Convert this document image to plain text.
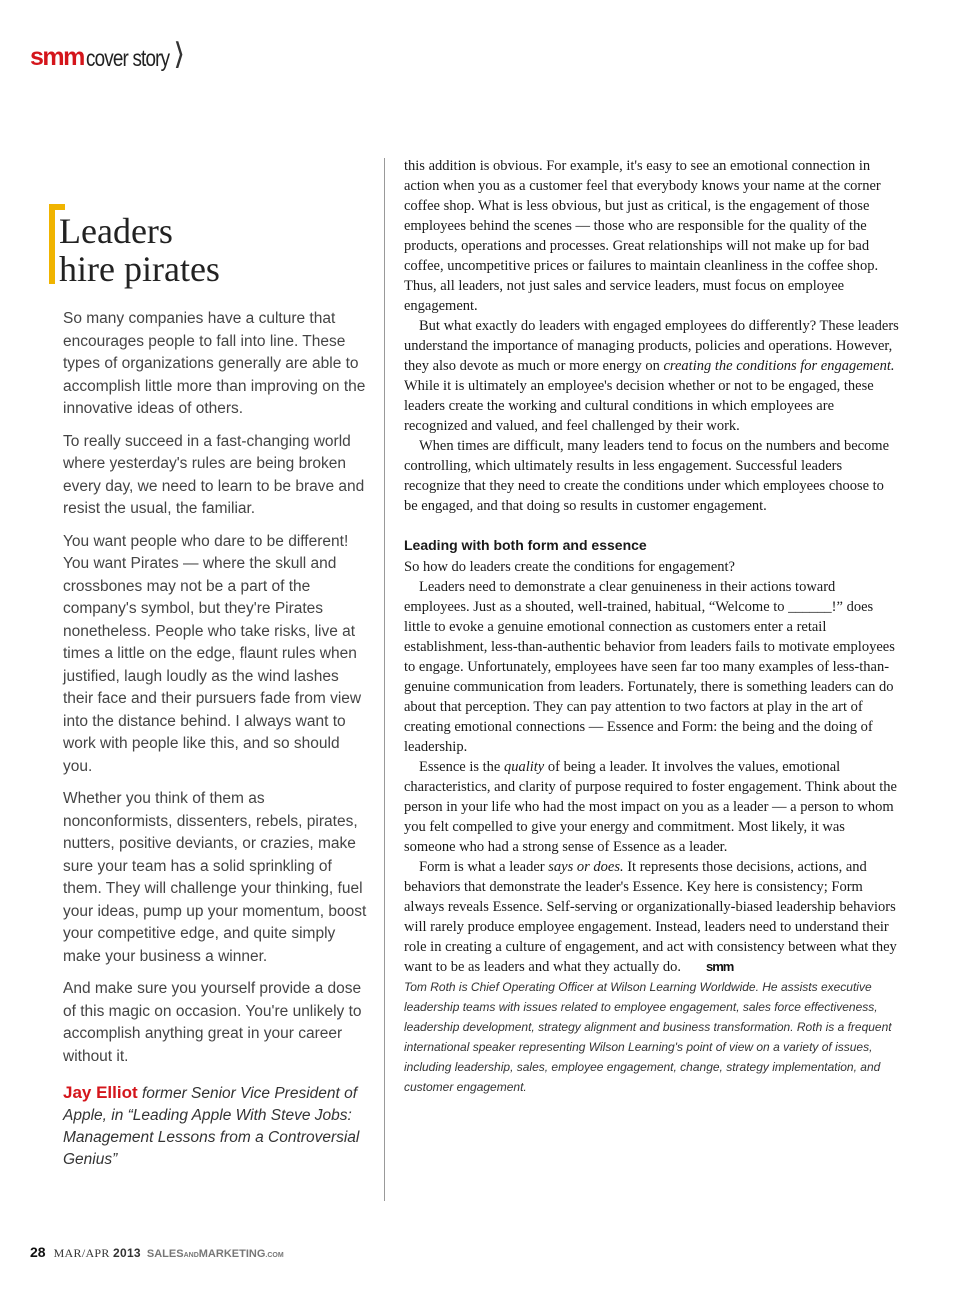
smm cover story ⟩
Leaders
hire pirates

So many companies have a culture that encourages people to fall into line. These types of organizations generally are able to accomplish little more than improving on the innovative ideas of others.

To really succeed in a fast-changing world where yesterday's rules are being broken every day, we need to learn to be brave and resist the usual, the familiar.

You want people who dare to be different! You want Pirates — where the skull and crossbones may not be a part of the company's symbol, but they're Pirates nonetheless. People who take risks, live at times a little on the edge, flaunt rules when justified, laugh loudly as the wind lashes their face and their pursuers fade from view into the distance behind. I always want to work with people like this, and so should you.

Whether you think of them as nonconformists, dissenters, rebels, pirates, nutters, positive deviants, or crazies, make sure your team has a solid sprinkling of them. They will challenge your thinking, fuel your ideas, pump up your momentum, boost your competitive edge, and quite simply make your business a winner.

And make sure you yourself provide a dose of this magic on occasion. You're unlikely to accomplish anything great in your career without it.

Jay Elliot former Senior Vice President of Apple, in “Leading Apple With Steve Jobs: Management Lessons from a Controversial Genius”

this addition is obvious. For example, it's easy to see an emotional connection in action when you as a customer feel that everybody knows your name at the corner coffee shop. What is less obvious, but just as critical, is the engagement of those employees behind the scenes — those who are responsible for the quality of the products, operations and processes. Great relationships will not make up for bad coffee, uncompetitive prices or failures to maintain cleanliness in the coffee shop. Thus, all leaders, not just sales and service leaders, must focus on employee engagement.

But what exactly do leaders with engaged employees do differently? These leaders understand the importance of managing products, policies and operations. However, they also devote as much or more energy on creating the conditions for engagement. While it is ultimately an employee's decision whether or not to be engaged, these leaders create the working and cultural conditions in which employees are recognized and valued, and feel challenged by their work.

When times are difficult, many leaders tend to focus on the numbers and become controlling, which ultimately results in less engagement. Successful leaders recognize that they need to create the conditions under which employees choose to be engaged, and that doing so results in customer engagement.

Leading with both form and essence

So how do leaders create the conditions for engagement?

Leaders need to demonstrate a clear genuineness in their actions toward employees. Just as a shouted, well-trained, habitual, “Welcome to ______!” does little to evoke a genuine emotional connection as customers enter a retail establishment, less-than-authentic behavior from leaders fails to motivate employees to engage. Unfortunately, employees have seen far too many examples of less-than-genuine communication from leaders. Fortunately, there is something leaders can do about that perception. They can pay attention to two factors at play in the art of creating emotional connections — Essence and Form: the being and the doing of leadership.

Essence is the quality of being a leader. It involves the values, emotional characteristics, and clarity of purpose required to foster engagement. Think about the person in your life who had the most impact on you as a leader — a person to whom you felt compelled to give your energy and commitment. Most likely, it was someone who had a strong sense of Essence as a leader.

Form is what a leader says or does. It represents those decisions, actions, and behaviors that demonstrate the leader's Essence. Key here is consistency; Form always reveals Essence. Self-serving or organizationally-biased leadership behaviors will rarely produce employee engagement. Instead, leaders need to understand their role in creating a culture of engagement, and act with consistency between what they want to be as leaders and what they actually do. smm

Tom Roth is Chief Operating Officer at Wilson Learning Worldwide. He assists executive leadership teams with issues related to employee engagement, sales force effectiveness, leadership development, strategy alignment and business transformation. Roth is a frequent international speaker representing Wilson Learning's point of view on a variety of issues, including leadership, sales, employee engagement, change, strategy implementation, and customer engagement.

28 MAR/APR 2013 SALESANDMARKETING.COM
